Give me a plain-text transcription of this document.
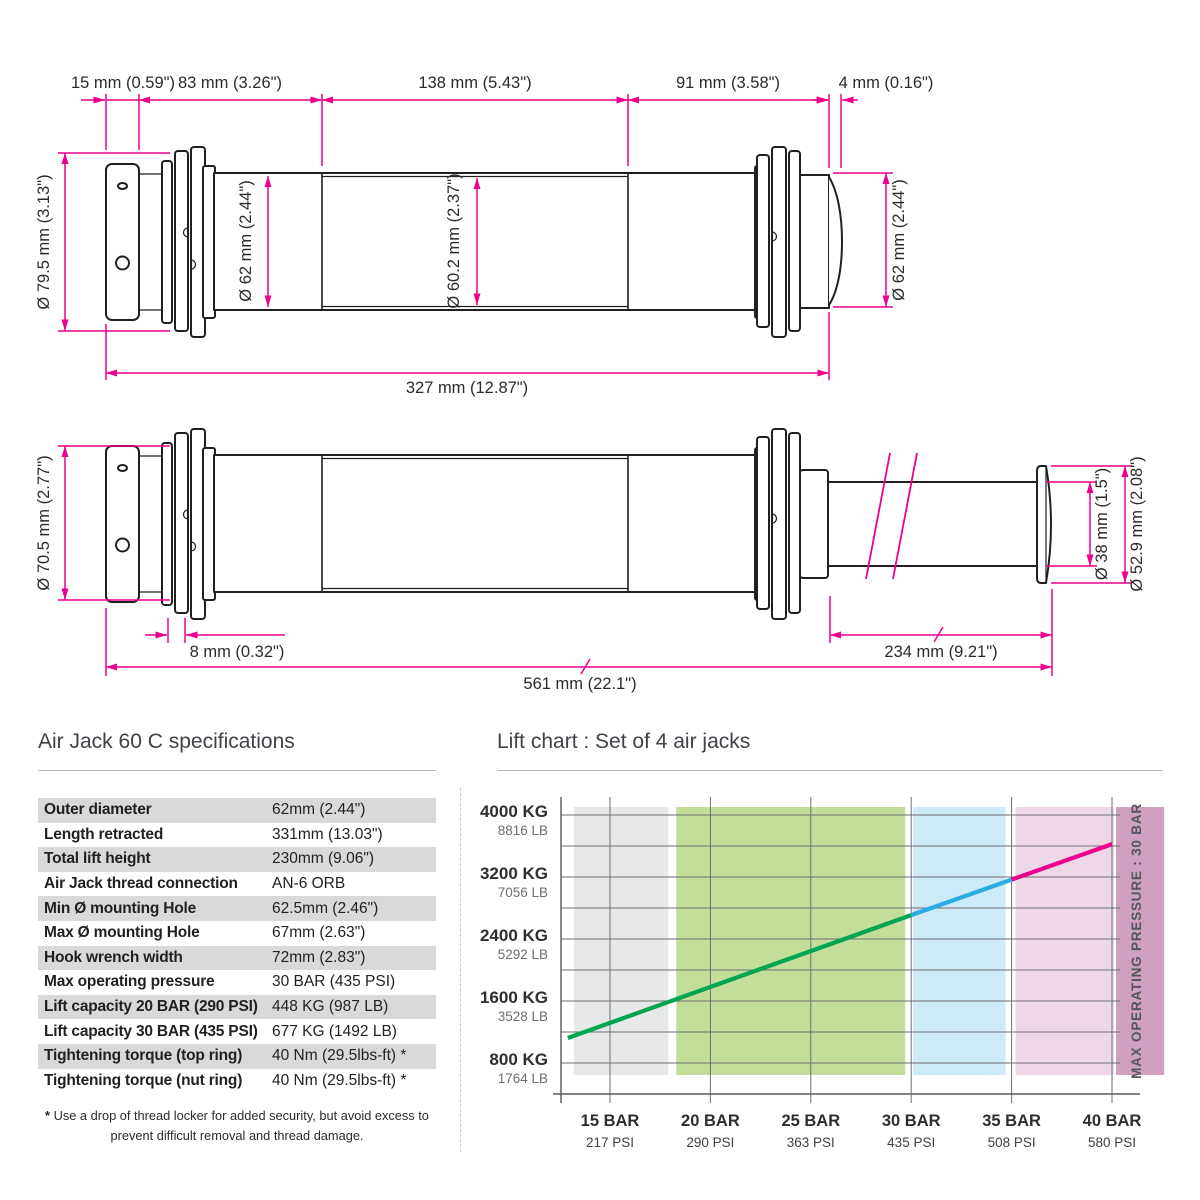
15 mm (0.59") 83 mm (3.26")	138 mm (5.43")	91 mm (3.58")	4 mm (0.16")
Ø 79.5 mm (3.13")	Ø 62 mm (2.44")	Ø 60.2 mm (2.37")	Ø 62 mm (2.44")
327 mm (12.87")
Ø 70.5 mm (2.77")
8 mm (0.32")	234 mm (9.21")
561 mm (22.1")
Ø 38 mm (1.5") Ø 52.9 mm (2.08")
Air Jack 60 C specifications
Outer diameter	62mm (2.44")
Length retracted	331mm (13.03")
Total lift height	230mm (9.06")
Air Jack thread connection	AN-6 ORB
Min Ø mounting Hole	62.5mm (2.46")
Max Ø mounting Hole	67mm (2.63")
Hook wrench width	72mm (2.83")
Max operating pressure	30 BAR (435 PSI)
Lift capacity 20 BAR (290 PSI) 448 KG (987 LB)
Lift capacity 30 BAR (435 PSI) 677 KG (1492 LB)
Tightening torque (top ring)	40 Nm (29.5lbs-ft) *
Tightening torque (nut ring)	40 Nm (29.5lbs-ft) *
* Use a drop of thread locker for added security, but avoid excess to prevent difficult removal and thread damage.
Lift chart : Set of 4 air jacks
800 KG
1764 LB
1600 KG
3528 LB
2400 KG
5292 LB
3200 KG
7056 LB
4000 KG
8816 LB
15 BAR
217 PSI
20 BAR
290 PSI
25 BAR
363 PSI
30 BAR
435 PSI
35 BAR
508 PSI
40 BAR
580 PSI
MAX OPERATING PRESSURE : 30 BAR
